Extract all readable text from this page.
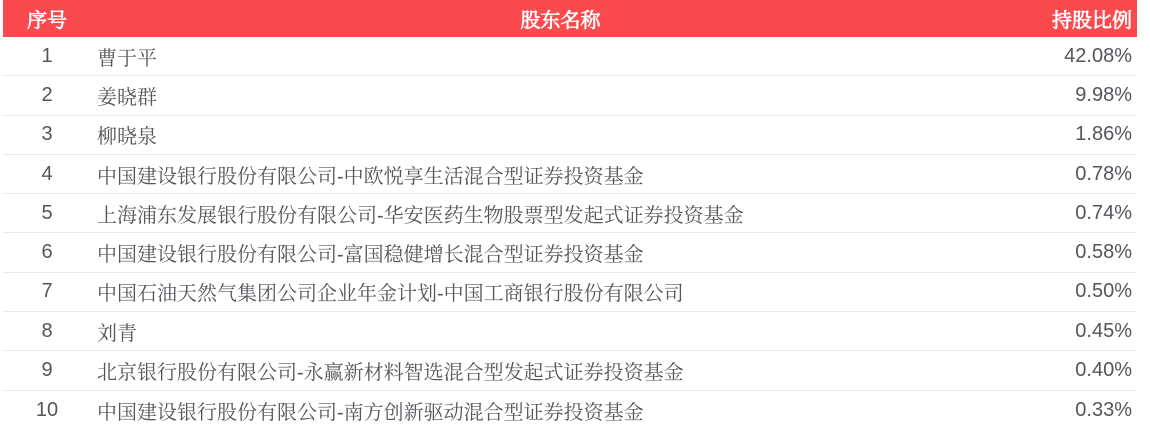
序号	股东名称	持股比例
1	曹于平	42.08%
2	姜晓群	9.98%
3	柳晓泉	1.86%
4	中国建设银行股份有限公司-中欧悦享生活混合型证券投资基金	0.78%
5	上海浦东发展银行股份有限公司-华安医药生物股票型发起式证券投资基金	0.74%
6	中国建设银行股份有限公司-富国稳健增长混合型证券投资基金	0.58%
7	中国石油天然气集团公司企业年金计划-中国工商银行股份有限公司	0.50%
8	刘青	0.45%
9	北京银行股份有限公司-永赢新材料智选混合型发起式证券投资基金	0.40%
10	中国建设银行股份有限公司-南方创新驱动混合型证券投资基金	0.33%
